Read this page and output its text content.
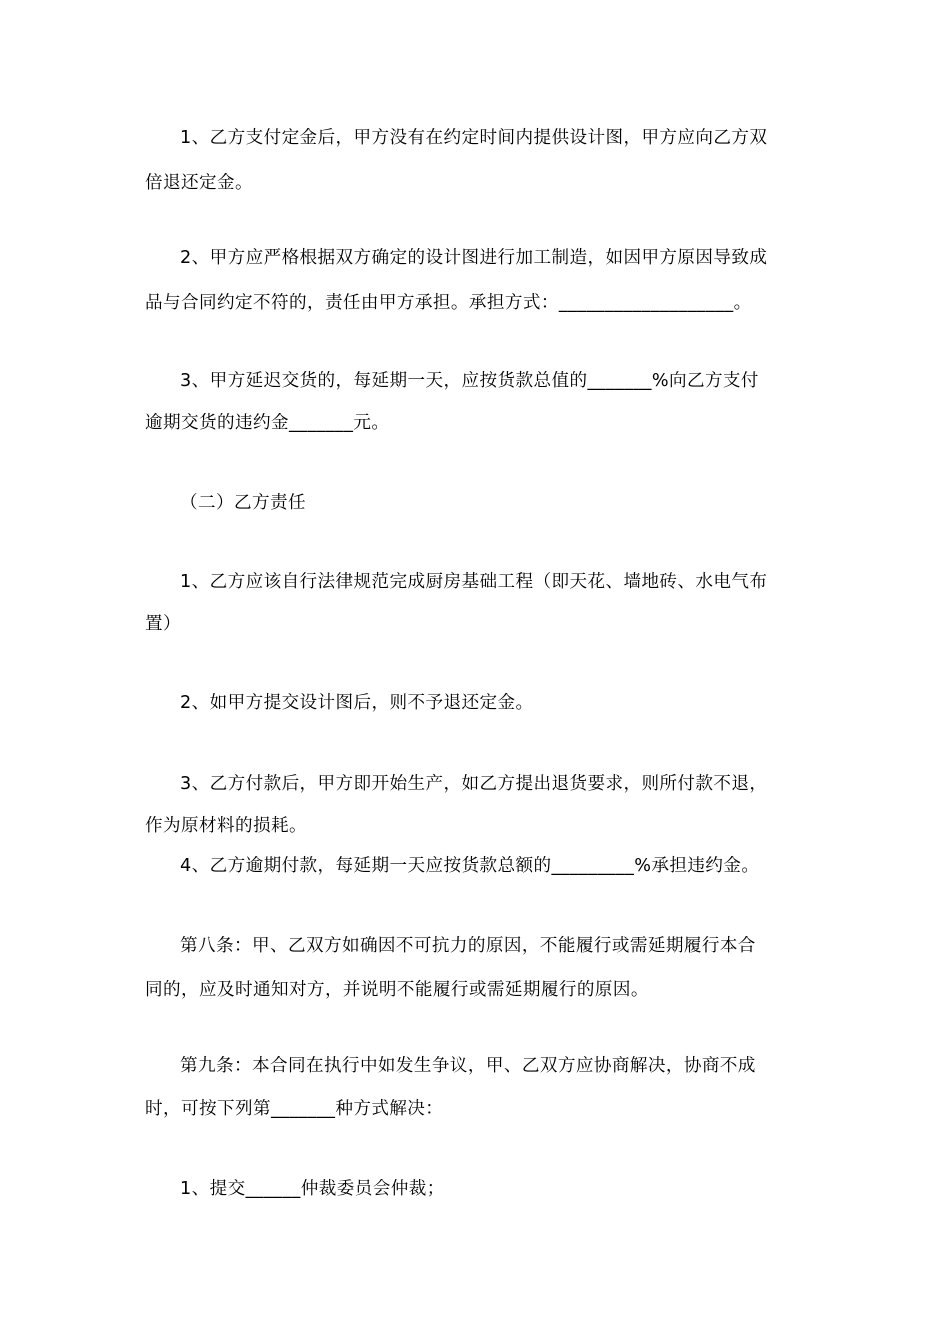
1、乙方支付定金后，甲方没有在约定时间内提供设计图，甲方应向乙方双

倍退还定金。

2、甲方应严格根据双方确定的设计图进行加工制造，如因甲方原因导致成

品与合同约定不符的，责任由甲方承担。承担方式：___________________。

3、甲方延迟交货的，每延期一天，应按货款总值的_______%向乙方支付

逾期交货的违约金_______元。

（二）乙方责任

1、乙方应该自行法律规范完成厨房基础工程（即天花、墙地砖、水电气布

置）

2、如甲方提交设计图后，则不予退还定金。

3、乙方付款后，甲方即开始生产，如乙方提出退货要求，则所付款不退，

作为原材料的损耗。

4、乙方逾期付款，每延期一天应按货款总额的_________%承担违约金。

第八条：甲、乙双方如确因不可抗力的原因，不能履行或需延期履行本合

同的，应及时通知对方，并说明不能履行或需延期履行的原因。

第九条：本合同在执行中如发生争议，甲、乙双方应协商解决，协商不成

时，可按下列第_______种方式解决：

1、提交______仲裁委员会仲裁；
